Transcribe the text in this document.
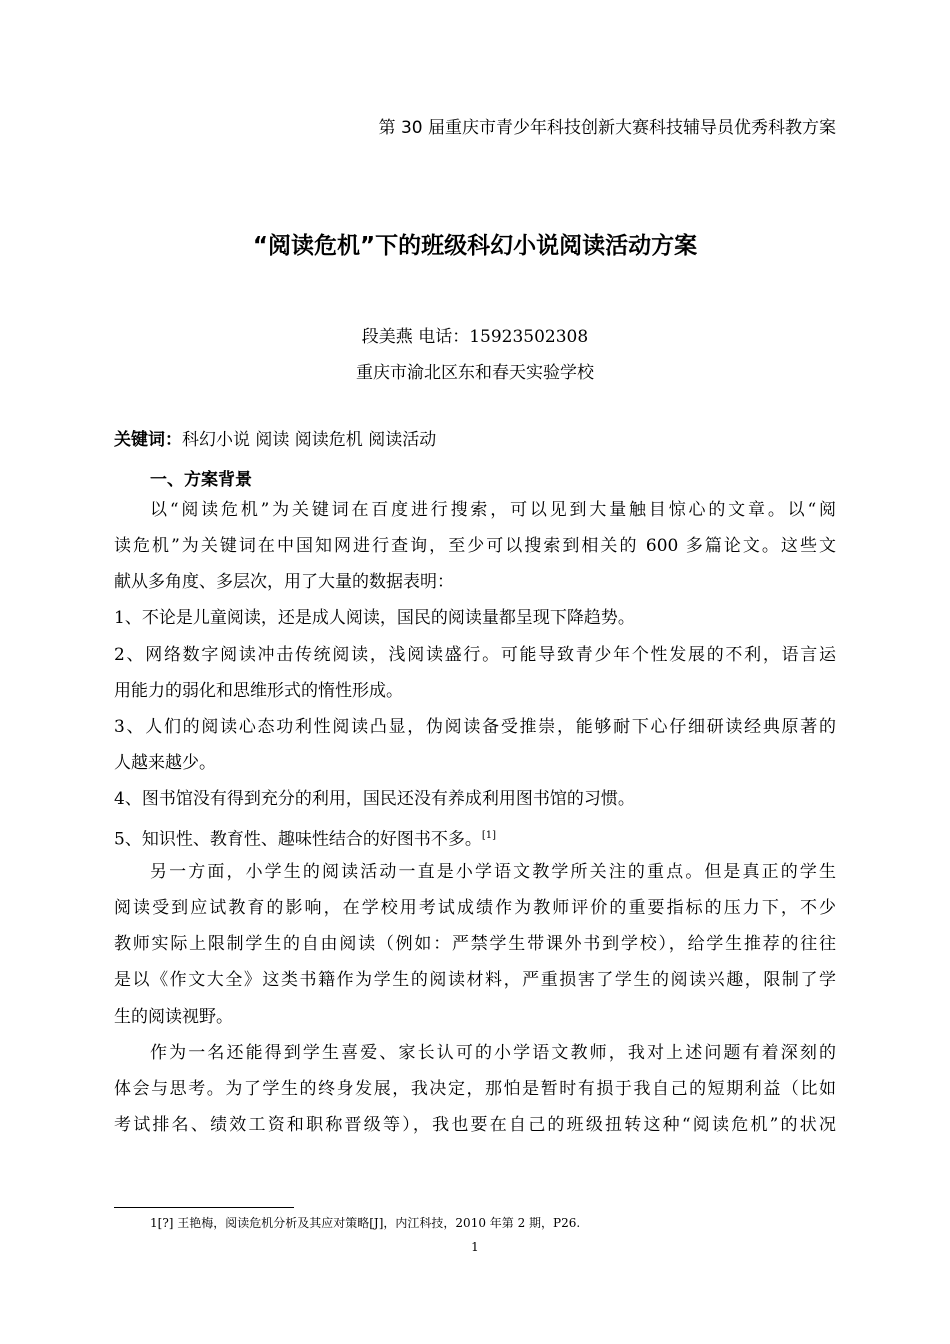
第 30 届重庆市青少年科技创新大赛科技辅导员优秀科教方案
“阅读危机”下的班级科幻小说阅读活动方案
段美燕 电话：15923502308
重庆市渝北区东和春天实验学校
关键词：科幻小说 阅读 阅读危机 阅读活动
一、方案背景
以“阅读危机”为关键词在百度进行搜索，可以见到大量触目惊心的文章。以“阅
读危机”为关键词在中国知网进行查询，至少可以搜索到相关的 600 多篇论文。这些文
献从多角度、多层次，用了大量的数据表明：
1、不论是儿童阅读，还是成人阅读，国民的阅读量都呈现下降趋势。
2、网络数字阅读冲击传统阅读，浅阅读盛行。可能导致青少年个性发展的不利，语言运
用能力的弱化和思维形式的惰性形成。
3、人们的阅读心态功利性阅读凸显，伪阅读备受推崇，能够耐下心仔细研读经典原著的
人越来越少。
4、图书馆没有得到充分的利用，国民还没有养成利用图书馆的习惯。
5、知识性、教育性、趣味性结合的好图书不多。[1]
另一方面，小学生的阅读活动一直是小学语文教学所关注的重点。但是真正的学生
阅读受到应试教育的影响，在学校用考试成绩作为教师评价的重要指标的压力下，不少
教师实际上限制学生的自由阅读（例如：严禁学生带课外书到学校），给学生推荐的往往
是以《作文大全》这类书籍作为学生的阅读材料，严重损害了学生的阅读兴趣，限制了学
生的阅读视野。
作为一名还能得到学生喜爱、家长认可的小学语文教师，我对上述问题有着深刻的
体会与思考。为了学生的终身发展，我决定，那怕是暂时有损于我自己的短期利益（比如
考试排名、绩效工资和职称晋级等），我也要在自己的班级扭转这种“阅读危机”的状况
1[?] 王艳梅，阅读危机分析及其应对策略[J]，内江科技，2010 年第 2 期，P26.
1
